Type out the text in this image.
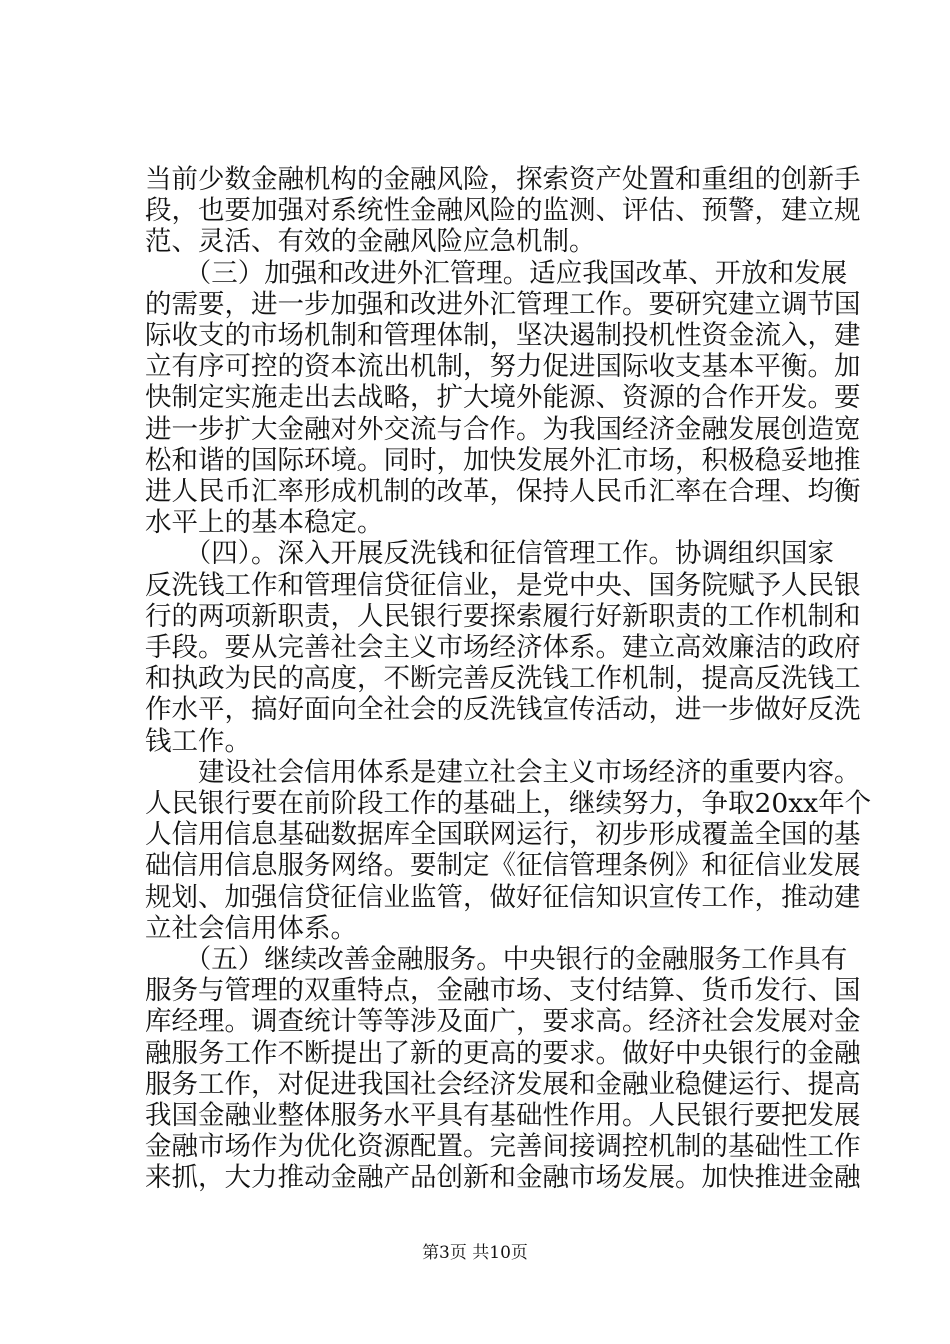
当前少数金融机构的金融风险，探索资产处置和重组的创新手
段，也要加强对系统性金融风险的监测、评估、预警，建立规
范、灵活、有效的金融风险应急机制。
　　（三）加强和改进外汇管理。适应我国改革、开放和发展
的需要，进一步加强和改进外汇管理工作。要研究建立调节国
际收支的市场机制和管理体制，坚决遏制投机性资金流入，建
立有序可控的资本流出机制，努力促进国际收支基本平衡。加
快制定实施走出去战略，扩大境外能源、资源的合作开发。要
进一步扩大金融对外交流与合作。为我国经济金融发展创造宽
松和谐的国际环境。同时，加快发展外汇市场，积极稳妥地推
进人民币汇率形成机制的改革，保持人民币汇率在合理、均衡
水平上的基本稳定。
　　（四）。深入开展反洗钱和征信管理工作。协调组织国家
反洗钱工作和管理信贷征信业，是党中央、国务院赋予人民银
行的两项新职责，人民银行要探索履行好新职责的工作机制和
手段。要从完善社会主义市场经济体系。建立高效廉洁的政府
和执政为民的高度，不断完善反洗钱工作机制，提高反洗钱工
作水平，搞好面向全社会的反洗钱宣传活动，进一步做好反洗
钱工作。
　　建设社会信用体系是建立社会主义市场经济的重要内容。
人民银行要在前阶段工作的基础上，继续努力，争取20xx年个
人信用信息基础数据库全国联网运行，初步形成覆盖全国的基
础信用信息服务网络。要制定《征信管理条例》和征信业发展
规划、加强信贷征信业监管，做好征信知识宣传工作，推动建
立社会信用体系。
　　（五）继续改善金融服务。中央银行的金融服务工作具有
服务与管理的双重特点，金融市场、支付结算、货币发行、国
库经理。调查统计等等涉及面广，要求高。经济社会发展对金
融服务工作不断提出了新的更高的要求。做好中央银行的金融
服务工作，对促进我国社会经济发展和金融业稳健运行、提高
我国金融业整体服务水平具有基础性作用。人民银行要把发展
金融市场作为优化资源配置。完善间接调控机制的基础性工作
来抓，大力推动金融产品创新和金融市场发展。加快推进金融
第3页 共10页
